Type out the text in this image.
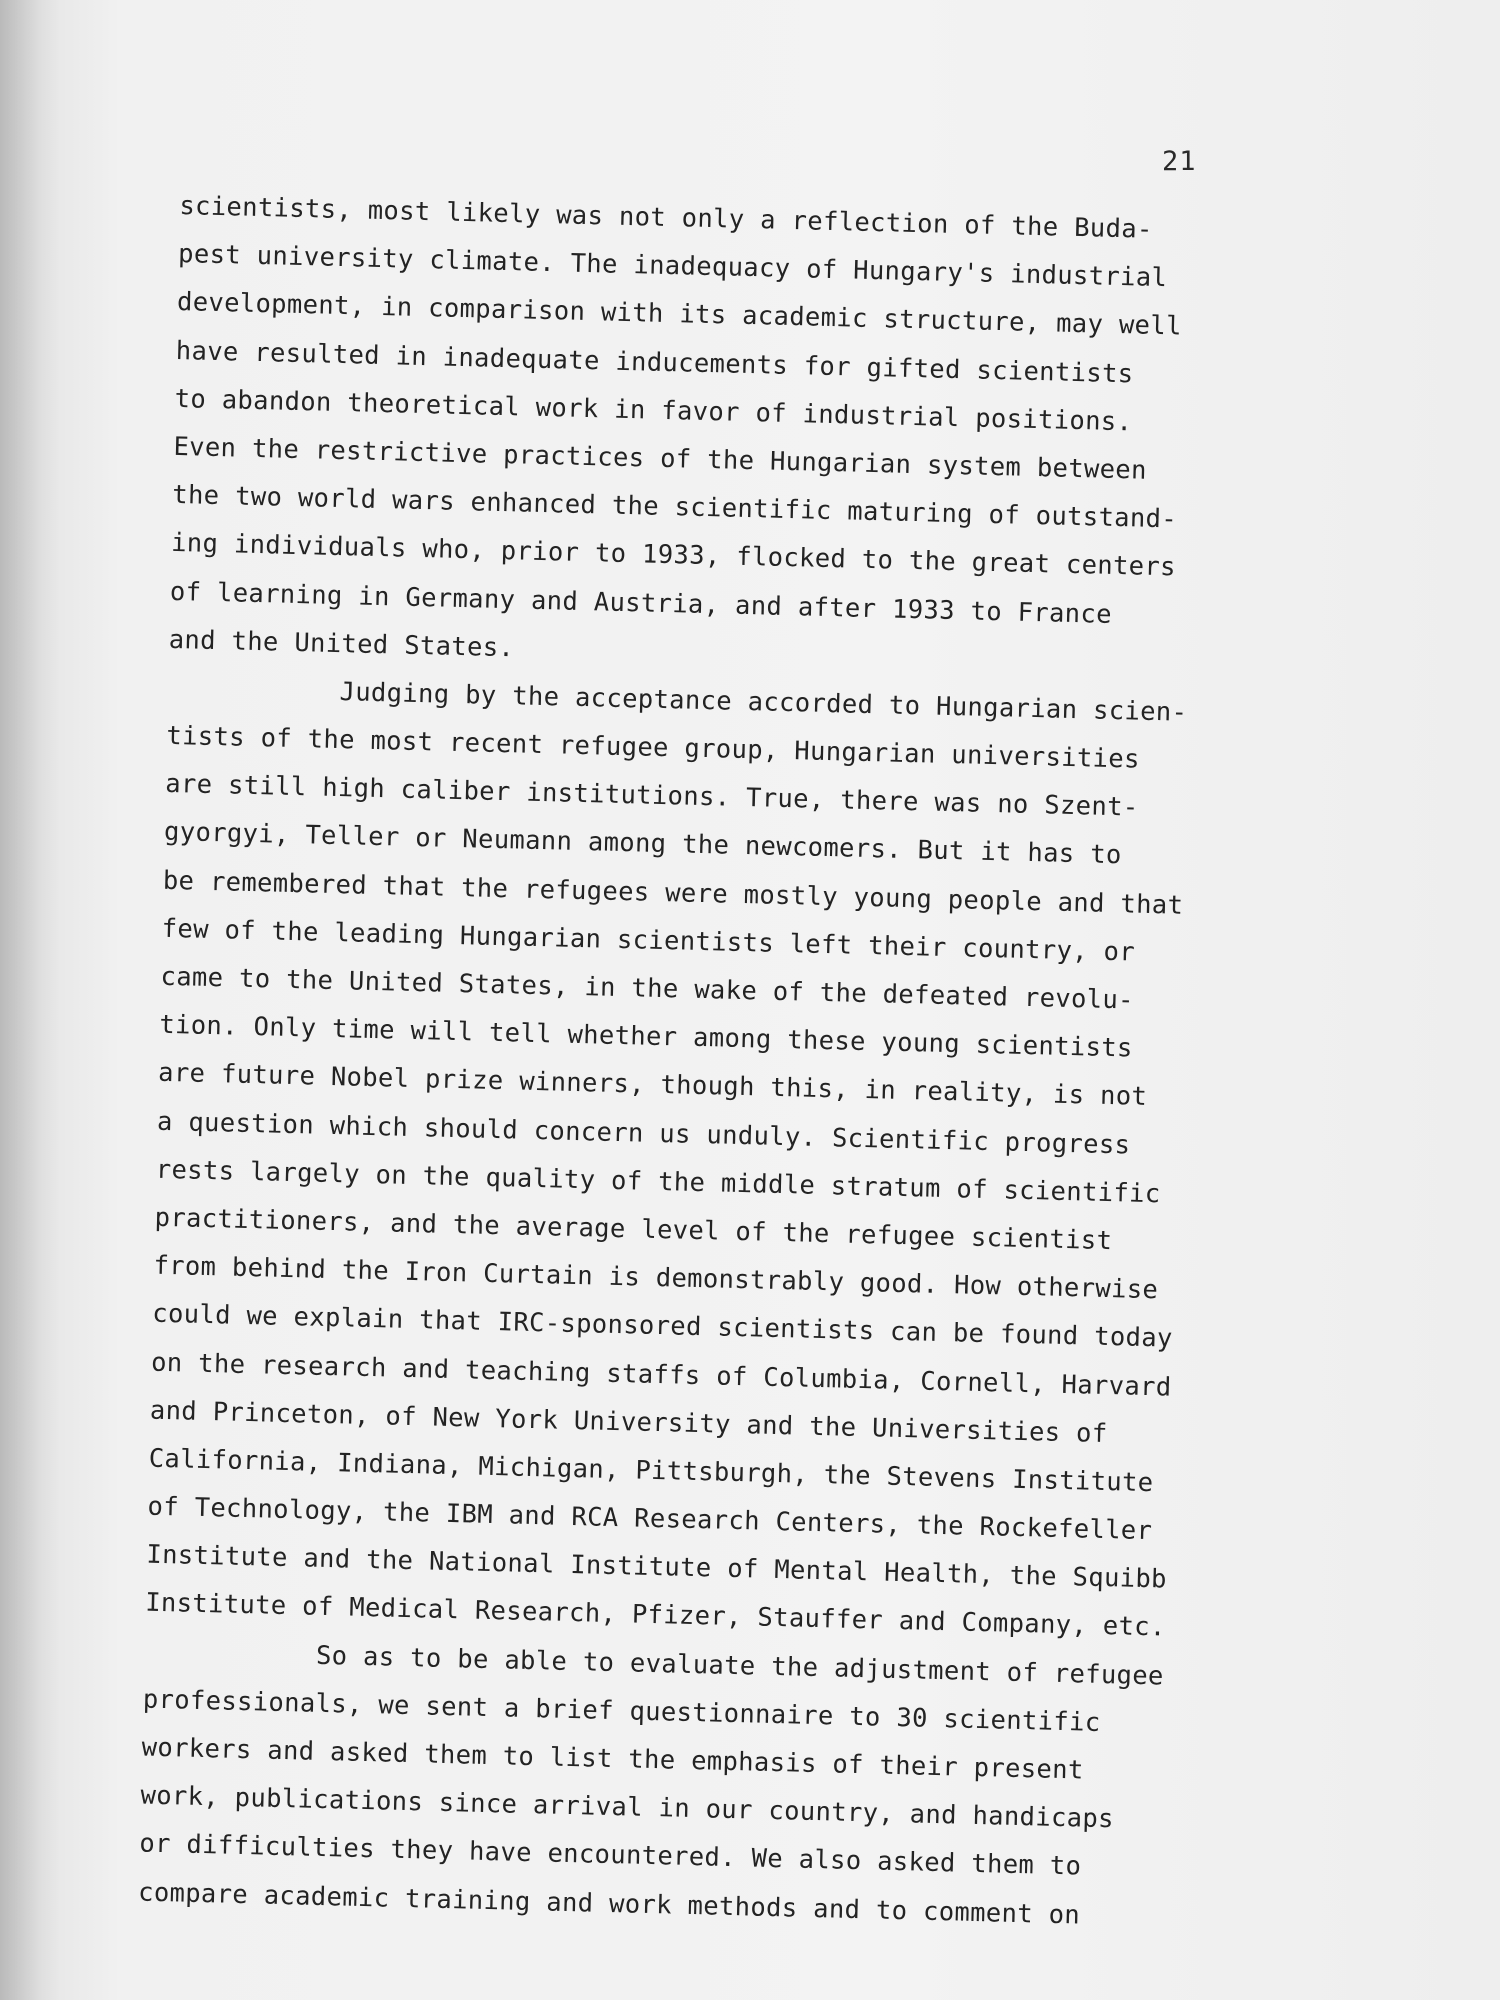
21
scientists, most likely was not only a reflection of the Buda-
pest university climate. The inadequacy of Hungary's industrial
development, in comparison with its academic structure, may well
have resulted in inadequate inducements for gifted scientists
to abandon theoretical work in favor of industrial positions.
Even the restrictive practices of the Hungarian system between
the two world wars enhanced the scientific maturing of outstand-
ing individuals who, prior to 1933, flocked to the great centers
of learning in Germany and Austria, and after 1933 to France
and the United States.
Judging by the acceptance accorded to Hungarian scien-
tists of the most recent refugee group, Hungarian universities
are still high caliber institutions. True, there was no Szent-
gyorgyi, Teller or Neumann among the newcomers. But it has to
be remembered that the refugees were mostly young people and that
few of the leading Hungarian scientists left their country, or
came to the United States, in the wake of the defeated revolu-
tion. Only time will tell whether among these young scientists
are future Nobel prize winners, though this, in reality, is not
a question which should concern us unduly. Scientific progress
rests largely on the quality of the middle stratum of scientific
practitioners, and the average level of the refugee scientist
from behind the Iron Curtain is demonstrably good. How otherwise
could we explain that IRC-sponsored scientists can be found today
on the research and teaching staffs of Columbia, Cornell, Harvard
and Princeton, of New York University and the Universities of
California, Indiana, Michigan, Pittsburgh, the Stevens Institute
of Technology, the IBM and RCA Research Centers, the Rockefeller
Institute and the National Institute of Mental Health, the Squibb
Institute of Medical Research, Pfizer, Stauffer and Company, etc.
So as to be able to evaluate the adjustment of refugee
professionals, we sent a brief questionnaire to 30 scientific
workers and asked them to list the emphasis of their present
work, publications since arrival in our country, and handicaps
or difficulties they have encountered. We also asked them to
compare academic training and work methods and to comment on
